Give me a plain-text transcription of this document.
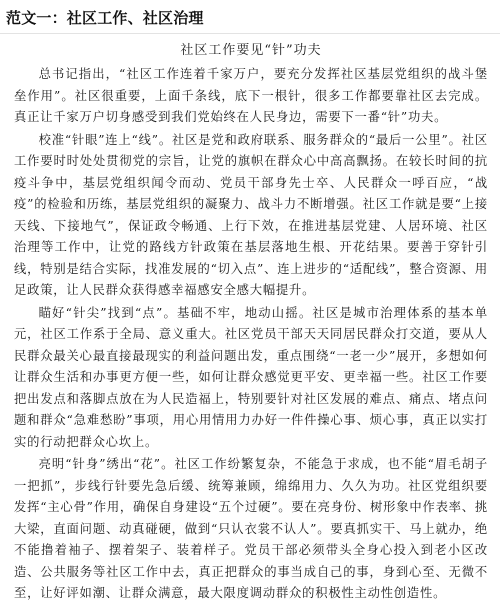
范文一：社区工作、社区治理
社区工作要见“针”功夫

总书记指出，“社区工作连着千家万户，要充分发挥社区基层党组织的战斗堡垒作用”。社区很重要，上面千条线，底下一根针，很多工作都要靠社区去完成。真正让千家万户切身感受到我们党始终在人民身边，需要下一番“针”功夫。

校准“针眼”连上“线”。社区是党和政府联系、服务群众的“最后一公里”。社区工作要时时处处贯彻党的宗旨，让党的旗帜在群众心中高高飘扬。在较长时间的抗疫斗争中，基层党组织闻令而动、党员干部身先士卒、人民群众一呼百应，“战疫”的检验和历练，基层党组织的凝聚力、战斗力不断增强。社区工作就是要“上接天线、下接地气”，保证政令畅通、上行下效，在推进基层党建、人居环境、社区治理等工作中，让党的路线方针政策在基层落地生根、开花结果。要善于穿针引线，特别是结合实际，找准发展的“切入点”、连上进步的“适配线”，整合资源、用足政策，让人民群众获得感幸福感安全感大幅提升。

瞄好“针尖”找到“点”。基础不牢，地动山摇。社区是城市治理体系的基本单元，社区工作系于全局、意义重大。社区党员干部天天同居民群众打交道，要从人民群众最关心最直接最现实的利益问题出发，重点围绕“一老一少”展开，多想如何让群众生活和办事更方便一些，如何让群众感觉更平安、更幸福一些。社区工作要把出发点和落脚点放在为人民造福上，特别要针对社区发展的难点、痛点、堵点问题和群众“急难愁盼”事项，用心用情用力办好一件件操心事、烦心事，真正以实打实的行动把群众心坎上。

亮明“针身”绣出“花”。社区工作纷繁复杂，不能急于求成，也不能“眉毛胡子一把抓”，步线行针要先急后缓、统筹兼顾，绵绵用力、久久为功。社区党组织要发挥“主心骨”作用，确保自身建设“五个过硬”。要在亮身份、树形象中作表率、挑大梁，直面问题、动真碰硬，做到“只认衣裳不认人”。要真抓实干、马上就办，绝不能撸着袖子、摆着架子、装着样子。党员干部必须带头全身心投入到老小区改造、公共服务等社区工作中去，真正把群众的事当成自己的事，身到心至、无微不至，让好评如潮、让群众满意，最大限度调动群众的积极性主动性创造性。
